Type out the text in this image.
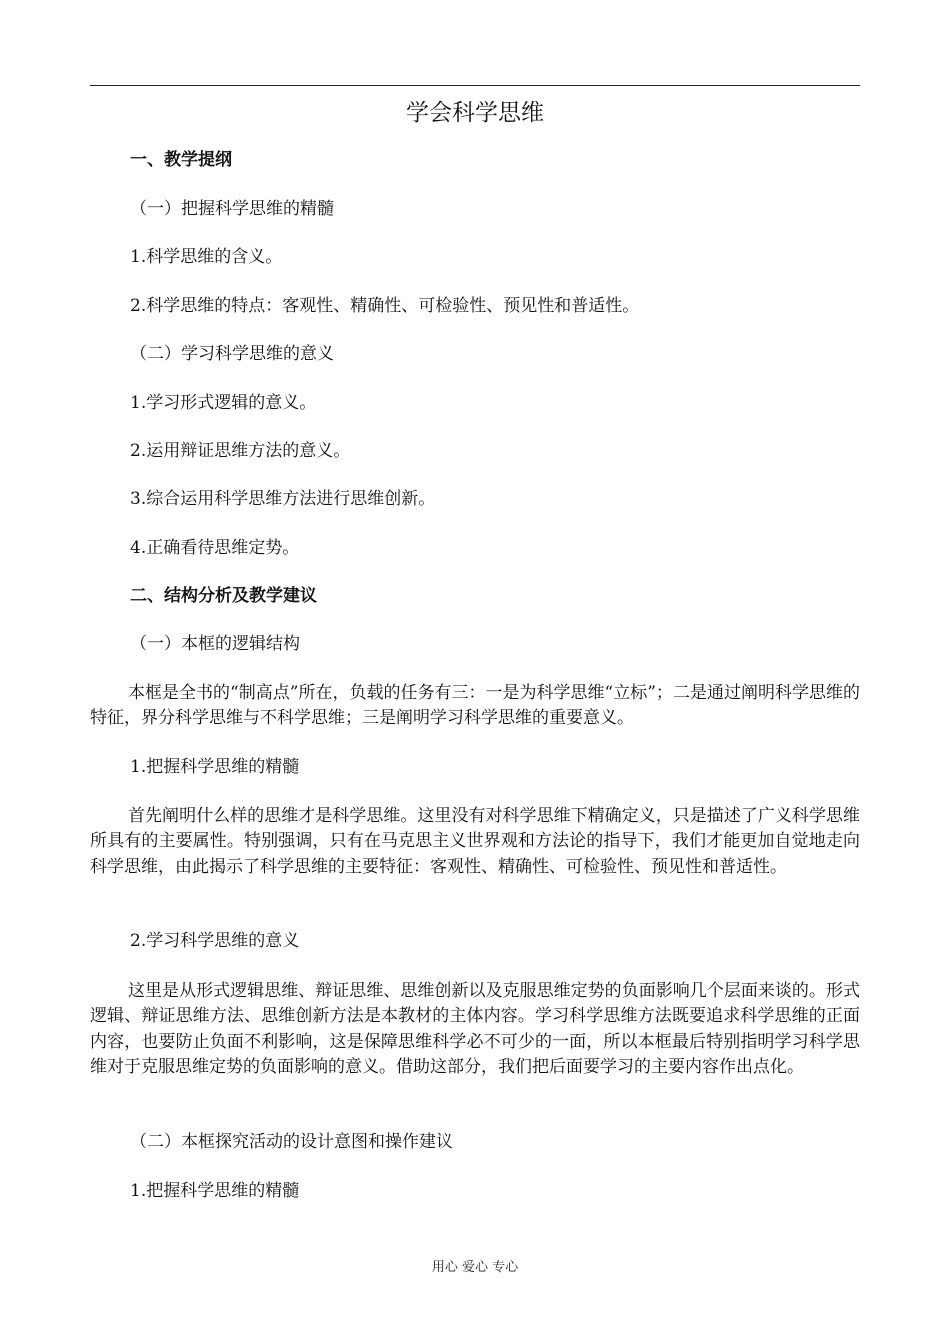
学会科学思维
一、教学提纲
（一）把握科学思维的精髓
1.科学思维的含义。
2.科学思维的特点：客观性、精确性、可检验性、预见性和普适性。
（二）学习科学思维的意义
1.学习形式逻辑的意义。
2.运用辩证思维方法的意义。
3.综合运用科学思维方法进行思维创新。
4.正确看待思维定势。
二、结构分析及教学建议
（一）本框的逻辑结构
本框是全书的“制高点”所在，负载的任务有三：一是为科学思维“立标”；二是通过阐明科学思维的特征，界分科学思维与不科学思维；三是阐明学习科学思维的重要意义。
1.把握科学思维的精髓
首先阐明什么样的思维才是科学思维。这里没有对科学思维下精确定义，只是描述了广义科学思维所具有的主要属性。特别强调，只有在马克思主义世界观和方法论的指导下，我们才能更加自觉地走向科学思维，由此揭示了科学思维的主要特征：客观性、精确性、可检验性、预见性和普适性。
2.学习科学思维的意义
这里是从形式逻辑思维、辩证思维、思维创新以及克服思维定势的负面影响几个层面来谈的。形式逻辑、辩证思维方法、思维创新方法是本教材的主体内容。学习科学思维方法既要追求科学思维的正面内容，也要防止负面不利影响，这是保障思维科学必不可少的一面，所以本框最后特别指明学习科学思维对于克服思维定势的负面影响的意义。借助这部分，我们把后面要学习的主要内容作出点化。
（二）本框探究活动的设计意图和操作建议
1.把握科学思维的精髓
用心 爱心 专心
